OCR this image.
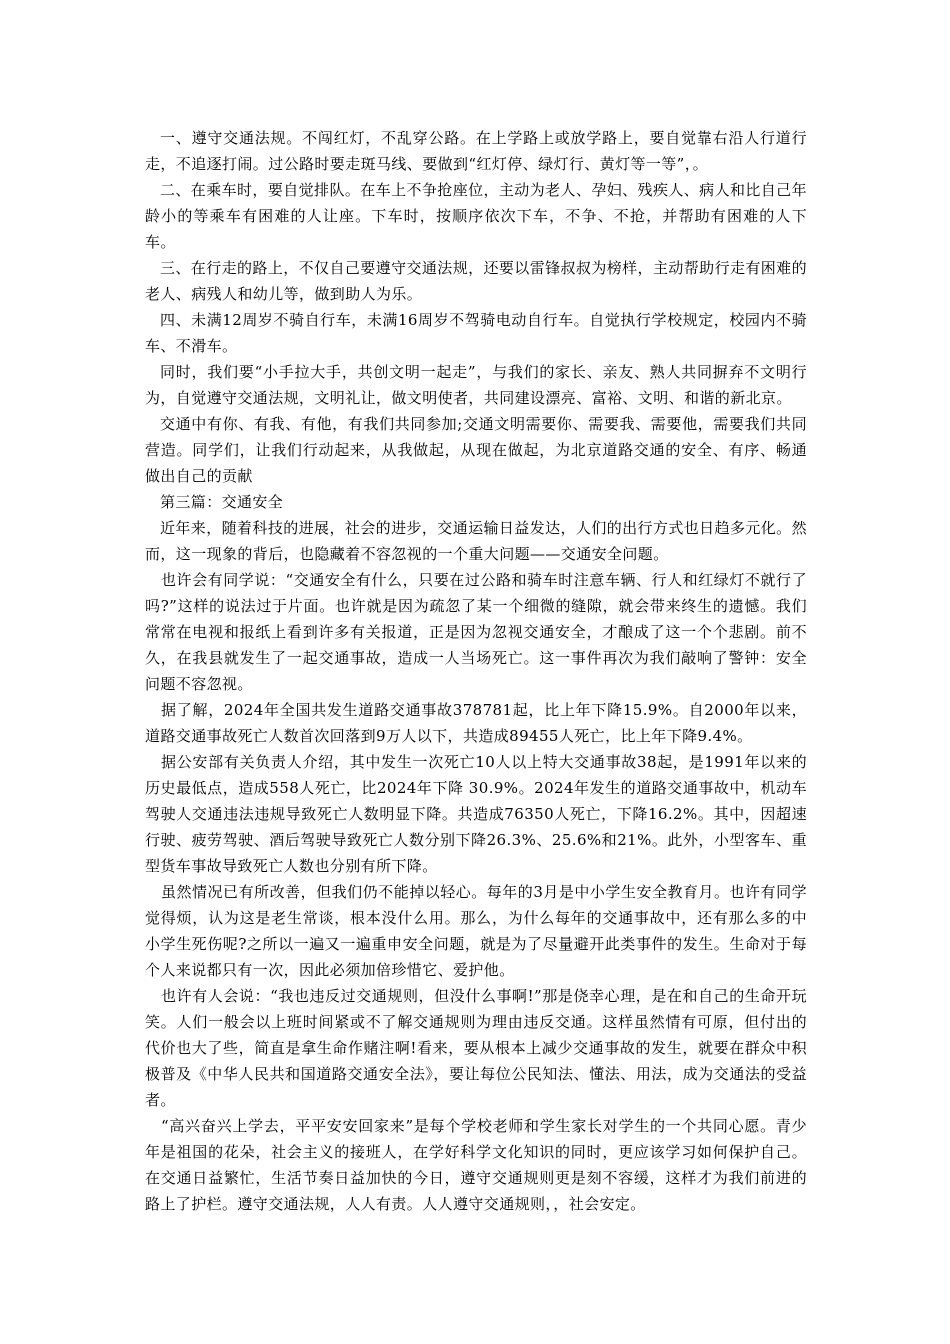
一、遵守交通法规。不闯红灯，不乱穿公路。在上学路上或放学路上，要自觉靠右沿人行道行走，不追逐打闹。过公路时要走斑马线、要做到“红灯停、绿灯行、黄灯等一等”，。

二、在乘车时，要自觉排队。在车上不争抢座位，主动为老人、孕妇、残疾人、病人和比自己年龄小的等乘车有困难的人让座。下车时，按顺序依次下车，不争、不抢，并帮助有困难的人下车。

三、在行走的路上，不仅自己要遵守交通法规，还要以雷锋叔叔为榜样，主动帮助行走有困难的老人、病残人和幼儿等，做到助人为乐。

四、未满12周岁不骑自行车，未满16周岁不驾骑电动自行车。自觉执行学校规定，校园内不骑车、不滑车。

同时，我们要“小手拉大手，共创文明一起走”，与我们的家长、亲友、熟人共同摒弃不文明行为，自觉遵守交通法规，文明礼让，做文明使者，共同建设漂亮、富裕、文明、和谐的新北京。

交通中有你、有我、有他，有我们共同参加;交通文明需要你、需要我、需要他，需要我们共同营造。同学们，让我们行动起来，从我做起，从现在做起，为北京道路交通的安全、有序、畅通做出自己的贡献

第三篇：交通安全

近年来，随着科技的进展，社会的进步，交通运输日益发达，人们的出行方式也日趋多元化。然而，这一现象的背后，也隐藏着不容忽视的一个重大问题——交通安全问题。

也许会有同学说：“交通安全有什么，只要在过公路和骑车时注意车辆、行人和红绿灯不就行了吗?”这样的说法过于片面。也许就是因为疏忽了某一个细微的缝隙，就会带来终生的遗憾。我们常常在电视和报纸上看到许多有关报道，正是因为忽视交通安全，才酿成了这一个个悲剧。前不久，在我县就发生了一起交通事故，造成一人当场死亡。这一事件再次为我们敲响了警钟：安全问题不容忽视。

据了解，2024年全国共发生道路交通事故378781起，比上年下降15.9%。自2000年以来，道路交通事故死亡人数首次回落到9万人以下，共造成89455人死亡，比上年下降9.4%。

据公安部有关负责人介绍，其中发生一次死亡10人以上特大交通事故38起，是1991年以来的历史最低点，造成558人死亡，比2024年下降 30.9%。2024年发生的道路交通事故中，机动车驾驶人交通违法违规导致死亡人数明显下降。共造成76350人死亡，下降16.2%。其中，因超速行驶、疲劳驾驶、酒后驾驶导致死亡人数分别下降26.3%、25.6%和21%。此外，小型客车、重型货车事故导致死亡人数也分别有所下降。

虽然情况已有所改善，但我们仍不能掉以轻心。每年的3月是中小学生安全教育月。也许有同学觉得烦，认为这是老生常谈，根本没什么用。那么，为什么每年的交通事故中，还有那么多的中小学生死伤呢?之所以一遍又一遍重申安全问题，就是为了尽量避开此类事件的发生。生命对于每个人来说都只有一次，因此必须加倍珍惜它、爱护他。

也许有人会说：“我也违反过交通规则，但没什么事啊!”那是侥幸心理，是在和自己的生命开玩笑。人们一般会以上班时间紧或不了解交通规则为理由违反交通。这样虽然情有可原，但付出的代价也大了些，简直是拿生命作赌注啊!看来，要从根本上减少交通事故的发生，就要在群众中积极普及《中华人民共和国道路交通安全法》，要让每位公民知法、懂法、用法，成为交通法的受益者。

“高兴奋兴上学去，平平安安回家来”是每个学校老师和学生家长对学生的一个共同心愿。青少年是祖国的花朵，社会主义的接班人，在学好科学文化知识的同时，更应该学习如何保护自己。在交通日益繁忙，生活节奏日益加快的今日，遵守交通规则更是刻不容缓，这样才为我们前进的路上了护栏。遵守交通法规，人人有责。人人遵守交通规则，，社会安定。
